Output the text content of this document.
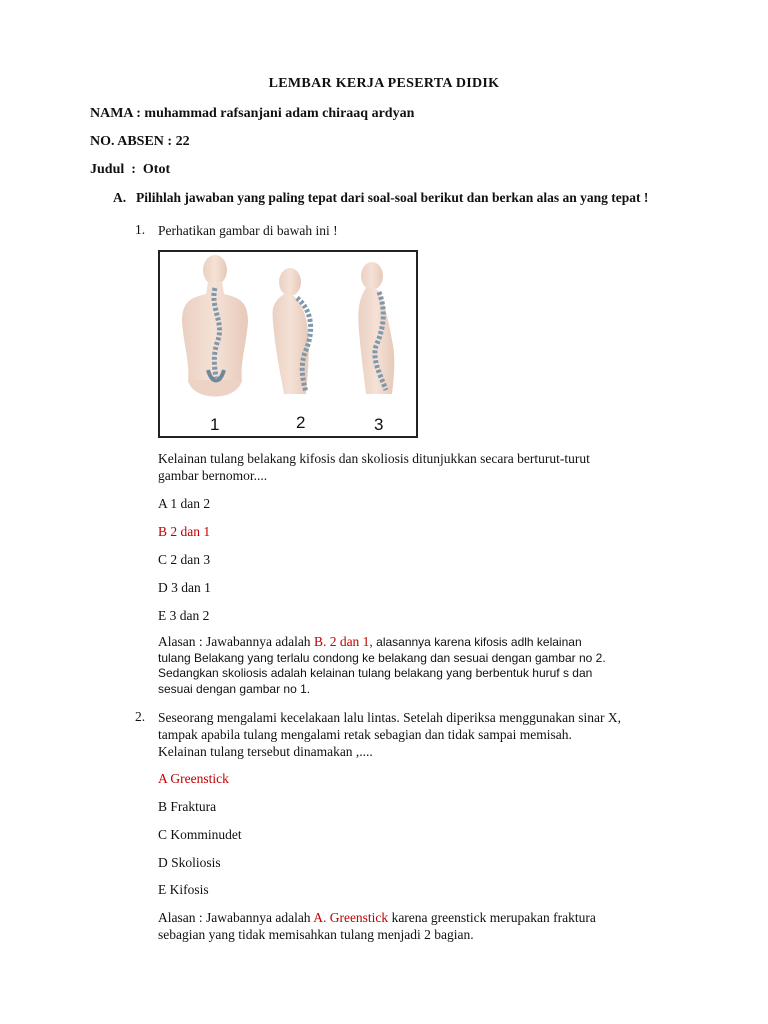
LEMBAR KERJA PESERTA DIDIK
NAMA : muhammad rafsanjani adam chiraaq ardyan
NO. ABSEN : 22
Judul  :  Otot
A. Pilihlah jawaban yang paling tepat dari soal-soal berikut dan berkan alas an yang tepat !
1. Perhatikan gambar di bawah ini !
1	2	3
Kelainan tulang belakang kifosis dan skoliosis ditunjukkan secara berturut-turut
gambar bernomor....
A 1 dan 2
B 2 dan 1
C 2 dan 3
D 3 dan 1
E 3 dan 2
Alasan : Jawabannya adalah B. 2 dan 1, alasannya karena kifosis adlh kelainan
tulang Belakang yang terlalu condong ke belakang dan sesuai dengan gambar no 2.
Sedangkan skoliosis adalah kelainan tulang belakang yang berbentuk huruf s dan
sesuai dengan gambar no 1.
2. Seseorang mengalami kecelakaan lalu lintas. Setelah diperiksa menggunakan sinar X,
tampak apabila tulang mengalami retak sebagian dan tidak sampai memisah.
Kelainan tulang tersebut dinamakan ,....
A Greenstick
B Fraktura
C Komminudet
D Skoliosis
E Kifosis
Alasan : Jawabannya adalah A. Greenstick karena greenstick merupakan fraktura
sebagian yang tidak memisahkan tulang menjadi 2 bagian.
